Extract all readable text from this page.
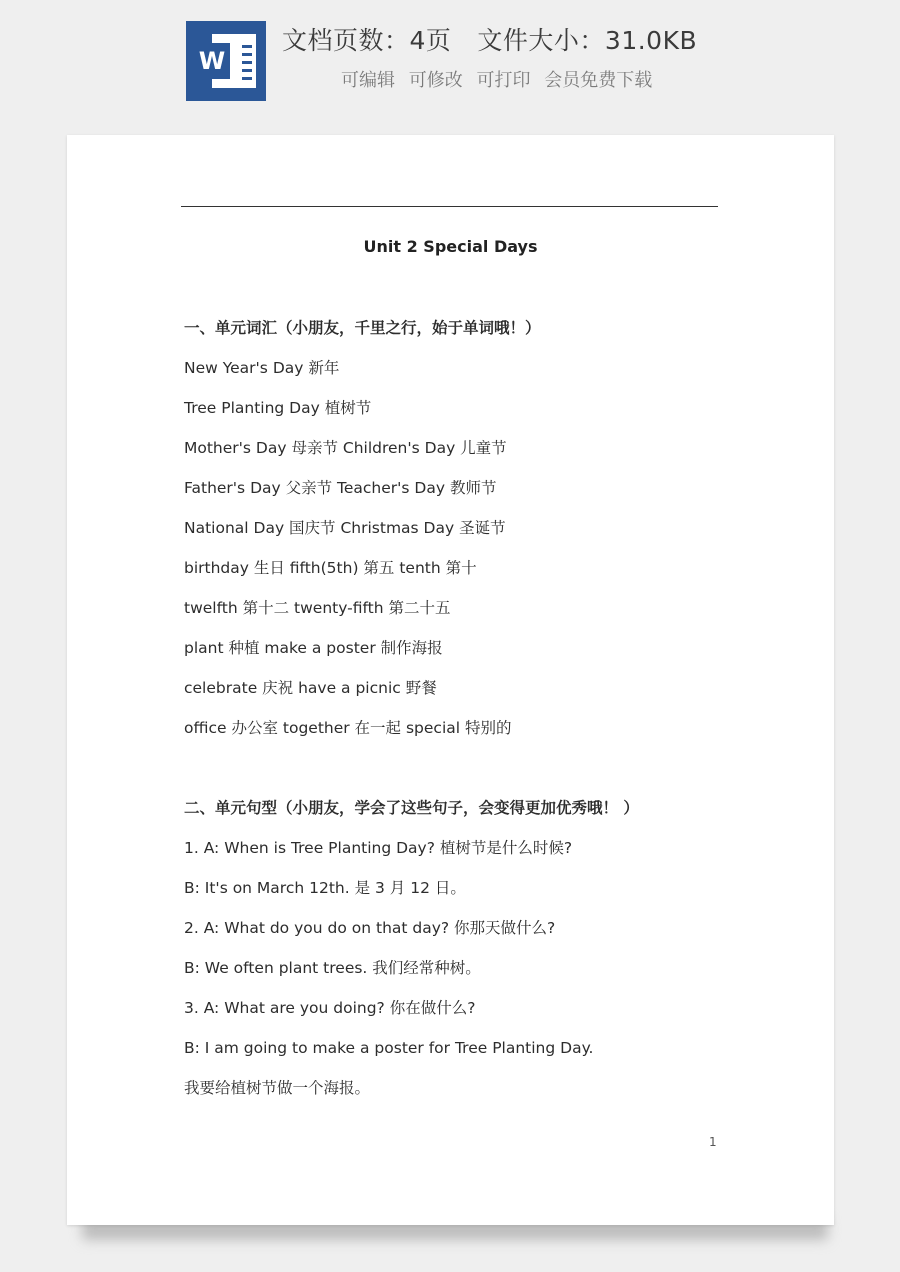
W
文档页数：4页 文件大小：31.0KB
可编辑 可修改 可打印 会员免费下载
Unit 2 Special Days
一、单元词汇（小朋友，千里之行，始于单词哦！）
New Year's Day 新年
Tree Planting Day 植树节
Mother's Day 母亲节 Children's Day 儿童节
Father's Day 父亲节 Teacher's Day 教师节
National Day 国庆节 Christmas Day 圣诞节
birthday 生日 fifth(5th) 第五 tenth 第十
twelfth 第十二 twenty-fifth 第二十五
plant 种植 make a poster 制作海报
celebrate 庆祝 have a picnic 野餐
office 办公室 together 在一起 special 特别的
二、单元句型（小朋友，学会了这些句子，会变得更加优秀哦！ ）
1. A: When is Tree Planting Day? 植树节是什么时候?
B: It's on March 12th. 是 3 月 12 日。
2. A: What do you do on that day? 你那天做什么?
B: We often plant trees. 我们经常种树。
3. A: What are you doing? 你在做什么?
B: I am going to make a poster for Tree Planting Day.
我要给植树节做一个海报。
1
